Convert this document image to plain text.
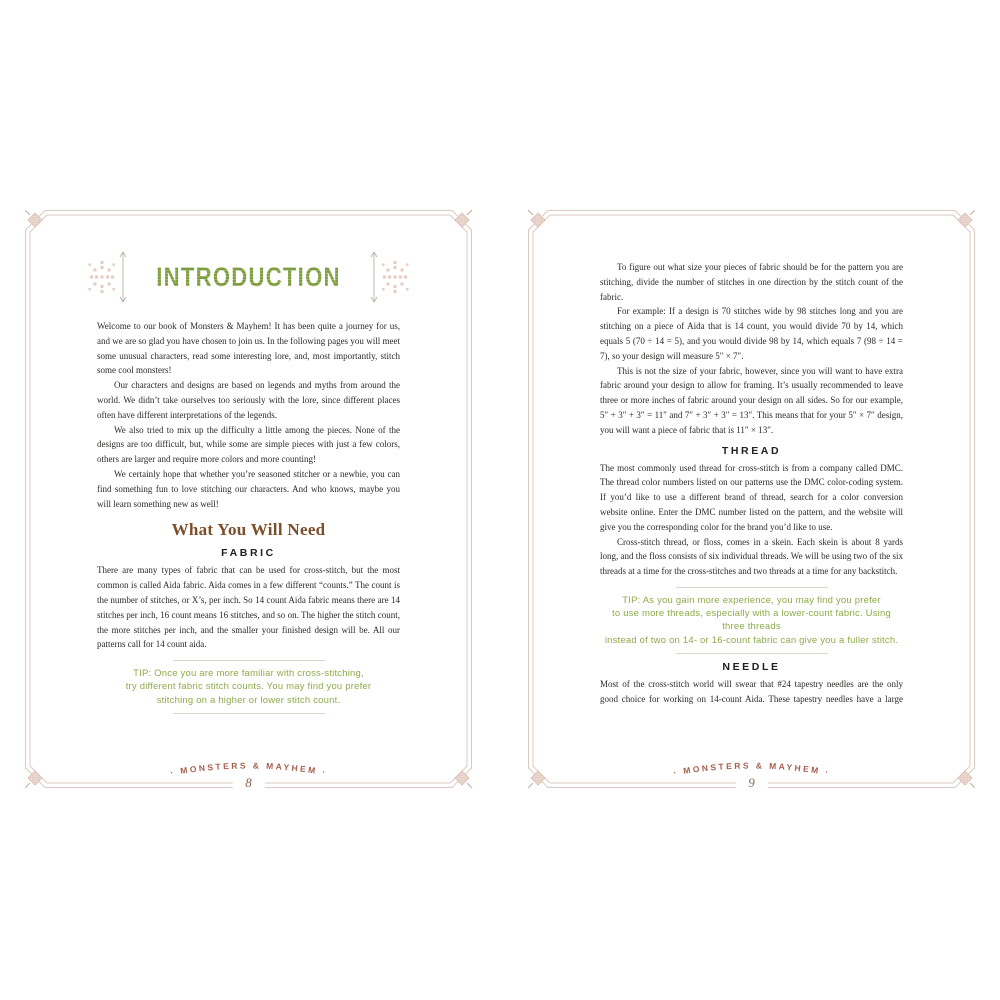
INTRODUCTION

Welcome to our book of Monsters & Mayhem! It has been quite a journey for us, and we are so glad you have chosen to join us. In the following pages you will meet some unusual characters, read some interesting lore, and, most importantly, stitch some cool monsters!

Our characters and designs are based on legends and myths from around the world. We didn’t take ourselves too seriously with the lore, since different places often have different interpretations of the legends.

We also tried to mix up the difficulty a little among the pieces. None of the designs are too difficult, but, while some are simple pieces with just a few colors, others are larger and require more colors and more counting!

We certainly hope that whether you’re seasoned stitcher or a newbie, you can find something fun to love stitching our characters. And who knows, maybe you will learn something new as well!

What You Will Need
FABRIC

There are many types of fabric that can be used for cross-stitch, but the most common is called Aida fabric. Aida comes in a few different “counts.” The count is the number of stitches, or X’s, per inch. So 14 count Aida fabric means there are 14 stitches per inch, 16 count means 16 stitches, and so on. The higher the stitch count, the more stitches per inch, and the smaller your finished design will be. All our patterns call for 14 count aida.

TIP: Once you are more familiar with cross-stitching,
try different fabric stitch counts. You may find you prefer
stitching on a higher or lower stitch count.
· MONSTERS & MAYHEM ·
8

To figure out what size your pieces of fabric should be for the pattern you are stitching, divide the number of stitches in one direction by the stitch count of the fabric.

For example: If a design is 70 stitches wide by 98 stitches long and you are stitching on a piece of Aida that is 14 count, you would divide 70 by 14, which equals 5 (70 ÷ 14 = 5), and you would divide 98 by 14, which equals 7 (98 ÷ 14 = 7), so your design will measure 5″ × 7″.

This is not the size of your fabric, however, since you will want to have extra fabric around your design to allow for framing. It’s usually recommended to leave three or more inches of fabric around your design on all sides. So for our example, 5″ + 3″ + 3″ = 11″ and 7″ + 3″ + 3″ = 13″. This means that for your 5″ × 7″ design, you will want a piece of fabric that is 11″ × 13″.

THREAD

The most commonly used thread for cross-stitch is from a company called DMC. The thread color numbers listed on our patterns use the DMC color-coding system. If you’d like to use a different brand of thread, search for a color conversion website online. Enter the DMC number listed on the pattern, and the website will give you the corresponding color for the brand you’d like to use.

Cross-stitch thread, or floss, comes in a skein. Each skein is about 8 yards long, and the floss consists of six individual threads. We will be using two of the six threads at a time for the cross-stitches and two threads at a time for any backstitch.

TIP: As you gain more experience, you may find you prefer
to use more threads, especially with a lower-count fabric. Using three threads
instead of two on 14- or 16-count fabric can give you a fuller stitch.
NEEDLE

Most of the cross-stitch world will swear that #24 tapestry needles are the only good choice for working on 14-count Aida. These tapestry needles have a large

· MONSTERS & MAYHEM ·
9
